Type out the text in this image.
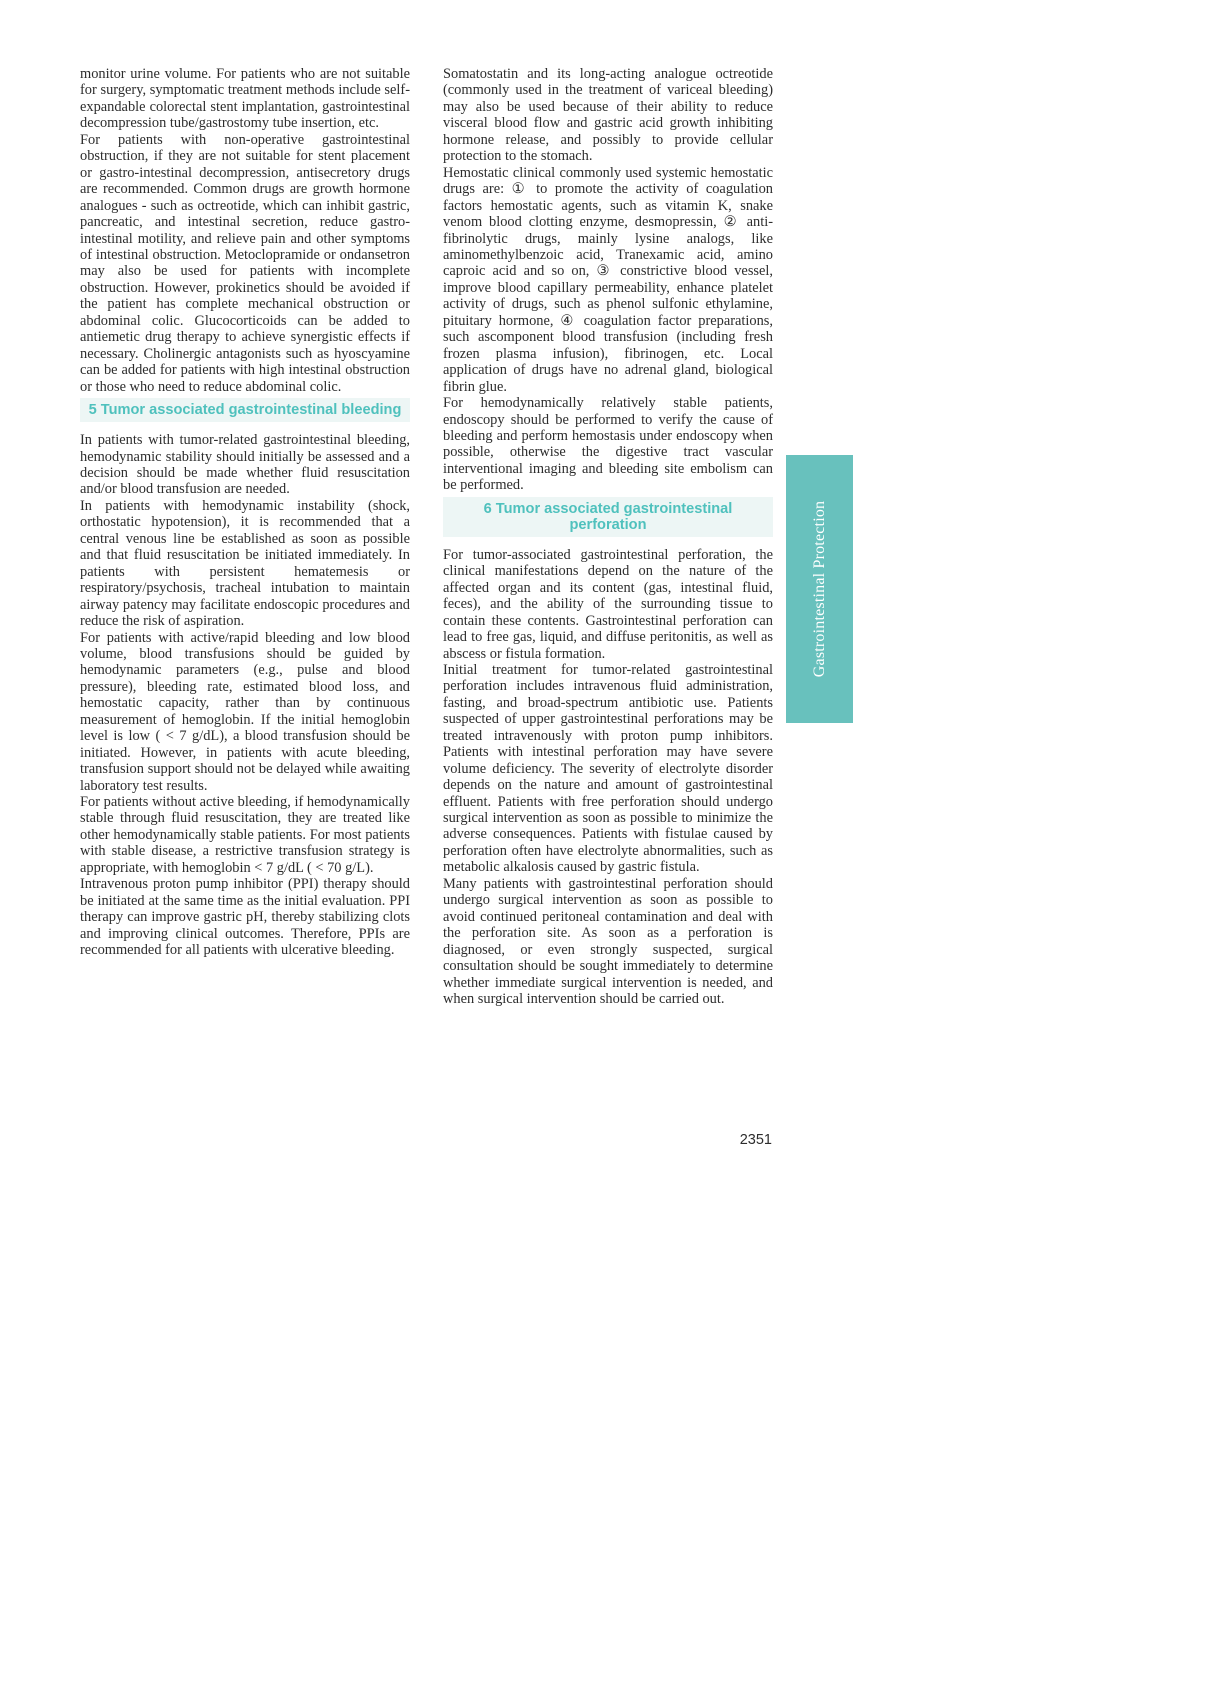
monitor urine volume. For patients who are not suitable for surgery, symptomatic treatment methods include self-expandable colorectal stent implantation, gastrointestinal decompression tube/gastrostomy tube insertion, etc.

For patients with non-operative gastrointestinal obstruction, if they are not suitable for stent placement or gastro-intestinal decompression, antisecretory drugs are recommended. Common drugs are growth hormone analogues - such as octreotide, which can inhibit gastric, pancreatic, and intestinal secretion, reduce gastro-intestinal motility, and relieve pain and other symptoms of intestinal obstruction. Metoclopramide or ondansetron may also be used for patients with incomplete obstruction. However, prokinetics should be avoided if the patient has complete mechanical obstruction or abdominal colic. Glucocorticoids can be added to antiemetic drug therapy to achieve synergistic effects if necessary. Cholinergic antagonists such as hyoscyamine can be added for patients with high intestinal obstruction or those who need to reduce abdominal colic.

5 Tumor associated gastrointestinal bleeding

In patients with tumor-related gastrointestinal bleeding, hemodynamic stability should initially be assessed and a decision should be made whether fluid resuscitation and/or blood transfusion are needed.

In patients with hemodynamic instability (shock, orthostatic hypotension), it is recommended that a central venous line be established as soon as possible and that fluid resuscitation be initiated immediately. In patients with persistent hematemesis or respiratory/psychosis, tracheal intubation to maintain airway patency may facilitate endoscopic procedures and reduce the risk of aspiration.

For patients with active/rapid bleeding and low blood volume, blood transfusions should be guided by hemodynamic parameters (e.g., pulse and blood pressure), bleeding rate, estimated blood loss, and hemostatic capacity, rather than by continuous measurement of hemoglobin. If the initial hemoglobin level is low ( < 7 g/dL), a blood transfusion should be initiated. However, in patients with acute bleeding, transfusion support should not be delayed while awaiting laboratory test results.

For patients without active bleeding, if hemodynamically stable through fluid resuscitation, they are treated like other hemodynamically stable patients. For most patients with stable disease, a restrictive transfusion strategy is appropriate, with hemoglobin < 7 g/dL ( < 70 g/L).

Intravenous proton pump inhibitor (PPI) therapy should be initiated at the same time as the initial evaluation. PPI therapy can improve gastric pH, thereby stabilizing clots and improving clinical outcomes. Therefore, PPIs are recommended for all patients with ulcerative bleeding.

Somatostatin and its long-acting analogue octreotide (commonly used in the treatment of variceal bleeding) may also be used because of their ability to reduce visceral blood flow and gastric acid growth inhibiting hormone release, and possibly to provide cellular protection to the stomach.

Hemostatic clinical commonly used systemic hemostatic drugs are: ① to promote the activity of coagulation factors hemostatic agents, such as vitamin K, snake venom blood clotting enzyme, desmopressin, ② anti-fibrinolytic drugs, mainly lysine analogs, like aminomethylbenzoic acid, Tranexamic acid, amino caproic acid and so on, ③ constrictive blood vessel, improve blood capillary permeability, enhance platelet activity of drugs, such as phenol sulfonic ethylamine, pituitary hormone, ④ coagulation factor preparations, such ascomponent blood transfusion (including fresh frozen plasma infusion), fibrinogen, etc. Local application of drugs have no adrenal gland, biological fibrin glue.

For hemodynamically relatively stable patients, endoscopy should be performed to verify the cause of bleeding and perform hemostasis under endoscopy when possible, otherwise the digestive tract vascular interventional imaging and bleeding site embolism can be performed.

6 Tumor associated gastrointestinal perforation

For tumor-associated gastrointestinal perforation, the clinical manifestations depend on the nature of the affected organ and its content (gas, intestinal fluid, feces), and the ability of the surrounding tissue to contain these contents. Gastrointestinal perforation can lead to free gas, liquid, and diffuse peritonitis, as well as abscess or fistula formation.

Initial treatment for tumor-related gastrointestinal perforation includes intravenous fluid administration, fasting, and broad-spectrum antibiotic use. Patients suspected of upper gastrointestinal perforations may be treated intravenously with proton pump inhibitors. Patients with intestinal perforation may have severe volume deficiency. The severity of electrolyte disorder depends on the nature and amount of gastrointestinal effluent. Patients with free perforation should undergo surgical intervention as soon as possible to minimize the adverse consequences. Patients with fistulae caused by perforation often have electrolyte abnormalities, such as metabolic alkalosis caused by gastric fistula.

Many patients with gastrointestinal perforation should undergo surgical intervention as soon as possible to avoid continued peritoneal contamination and deal with the perforation site. As soon as a perforation is diagnosed, or even strongly suspected, surgical consultation should be sought immediately to determine whether immediate surgical intervention is needed, and when surgical intervention should be carried out.

Gastrointestinal Protection
2351
